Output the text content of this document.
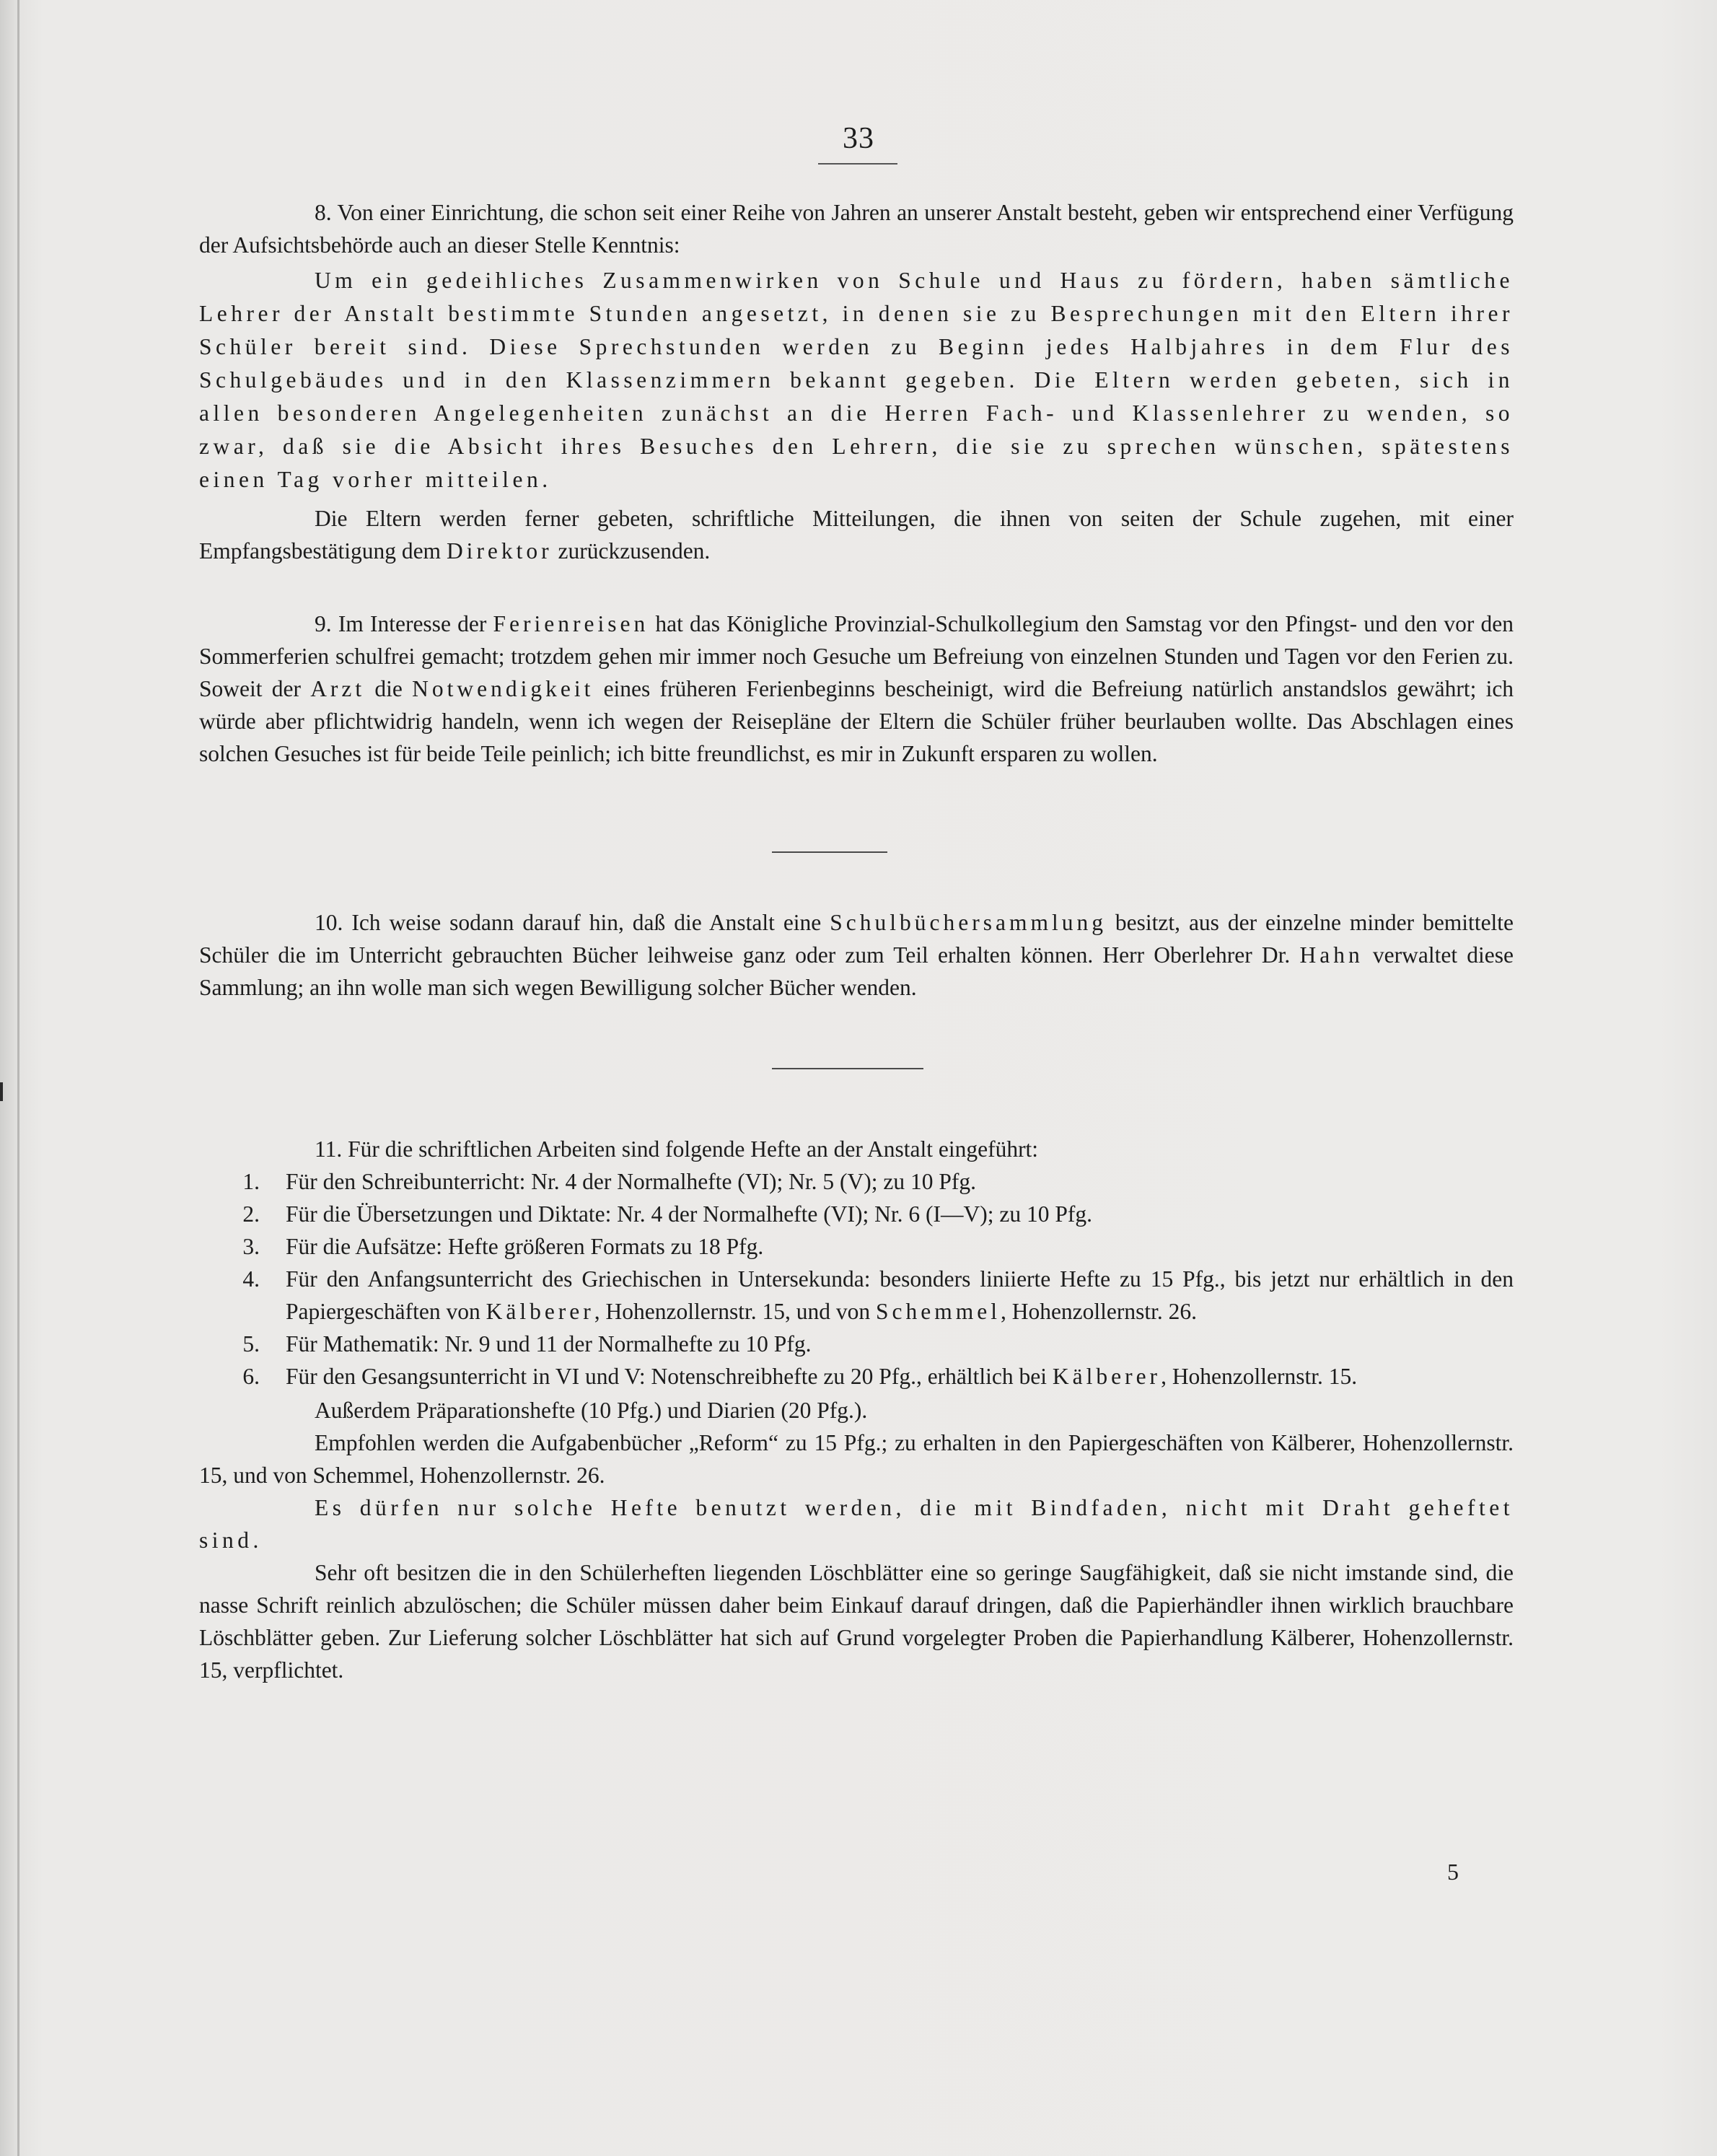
33

8. Von einer Einrichtung, die schon seit einer Reihe von Jahren an unserer Anstalt besteht, geben wir entsprechend einer Verfügung der Aufsichtsbehörde auch an dieser Stelle Kenntnis:

Um ein gedeihliches Zusammenwirken von Schule und Haus zu fördern, haben sämtliche Lehrer der Anstalt bestimmte Stunden angesetzt, in denen sie zu Besprechungen mit den Eltern ihrer Schüler bereit sind. Diese Sprechstunden werden zu Beginn jedes Halbjahres in dem Flur des Schulgebäudes und in den Klassenzimmern bekannt gegeben. Die Eltern werden gebeten, sich in allen besonderen Angelegenheiten zunächst an die Herren Fach- und Klassenlehrer zu wenden, so zwar, daß sie die Absicht ihres Besuches den Lehrern, die sie zu sprechen wünschen, spätestens einen Tag vorher mitteilen.

Die Eltern werden ferner gebeten, schriftliche Mitteilungen, die ihnen von seiten der Schule zugehen, mit einer Empfangsbestätigung dem Direktor zurückzusenden.

9. Im Interesse der Ferienreisen hat das Königliche Provinzial-Schulkollegium den Samstag vor den Pfingst- und den vor den Sommerferien schulfrei gemacht; trotzdem gehen mir immer noch Gesuche um Befreiung von einzelnen Stunden und Tagen vor den Ferien zu. Soweit der Arzt die Notwendigkeit eines früheren Ferienbeginns bescheinigt, wird die Befreiung natürlich anstandslos gewährt; ich würde aber pflichtwidrig handeln, wenn ich wegen der Reisepläne der Eltern die Schüler früher beurlauben wollte. Das Abschlagen eines solchen Gesuches ist für beide Teile peinlich; ich bitte freundlichst, es mir in Zukunft ersparen zu wollen.

10. Ich weise sodann darauf hin, daß die Anstalt eine Schulbüchersammlung besitzt, aus der einzelne minder bemittelte Schüler die im Unterricht gebrauchten Bücher leihweise ganz oder zum Teil erhalten können. Herr Oberlehrer Dr. Hahn verwaltet diese Sammlung; an ihn wolle man sich wegen Bewilligung solcher Bücher wenden.

11. Für die schriftlichen Arbeiten sind folgende Hefte an der Anstalt eingeführt:

1.	Für den Schreibunterricht: Nr. 4 der Normalhefte (VI); Nr. 5 (V); zu 10 Pfg.
2.	Für die Übersetzungen und Diktate: Nr. 4 der Normalhefte (VI); Nr. 6 (I—V); zu 10 Pfg.
3.	Für die Aufsätze: Hefte größeren Formats zu 18 Pfg.
4.	Für den Anfangsunterricht des Griechischen in Untersekunda: besonders liniierte Hefte zu 15 Pfg., bis jetzt nur erhältlich in den Papiergeschäften von Kälberer, Hohenzollernstr. 15, und von Schemmel, Hohenzollernstr. 26.
5.	Für Mathematik: Nr. 9 und 11 der Normalhefte zu 10 Pfg.
6.	Für den Gesangsunterricht in VI und V: Notenschreibhefte zu 20 Pfg., erhältlich bei Kälberer, Hohenzollernstr. 15.

Außerdem Präparationshefte (10 Pfg.) und Diarien (20 Pfg.).

Empfohlen werden die Aufgabenbücher „Reform“ zu 15 Pfg.; zu erhalten in den Papiergeschäften von Kälberer, Hohenzollernstr. 15, und von Schemmel, Hohenzollernstr. 26.

Es dürfen nur solche Hefte benutzt werden, die mit Bindfaden, nicht mit Draht geheftet sind.

Sehr oft besitzen die in den Schülerheften liegenden Löschblätter eine so geringe Saugfähigkeit, daß sie nicht imstande sind, die nasse Schrift reinlich abzulöschen; die Schüler müssen daher beim Einkauf darauf dringen, daß die Papierhändler ihnen wirklich brauchbare Löschblätter geben. Zur Lieferung solcher Löschblätter hat sich auf Grund vorgelegter Proben die Papierhandlung Kälberer, Hohenzollernstr. 15, verpflichtet.

5
